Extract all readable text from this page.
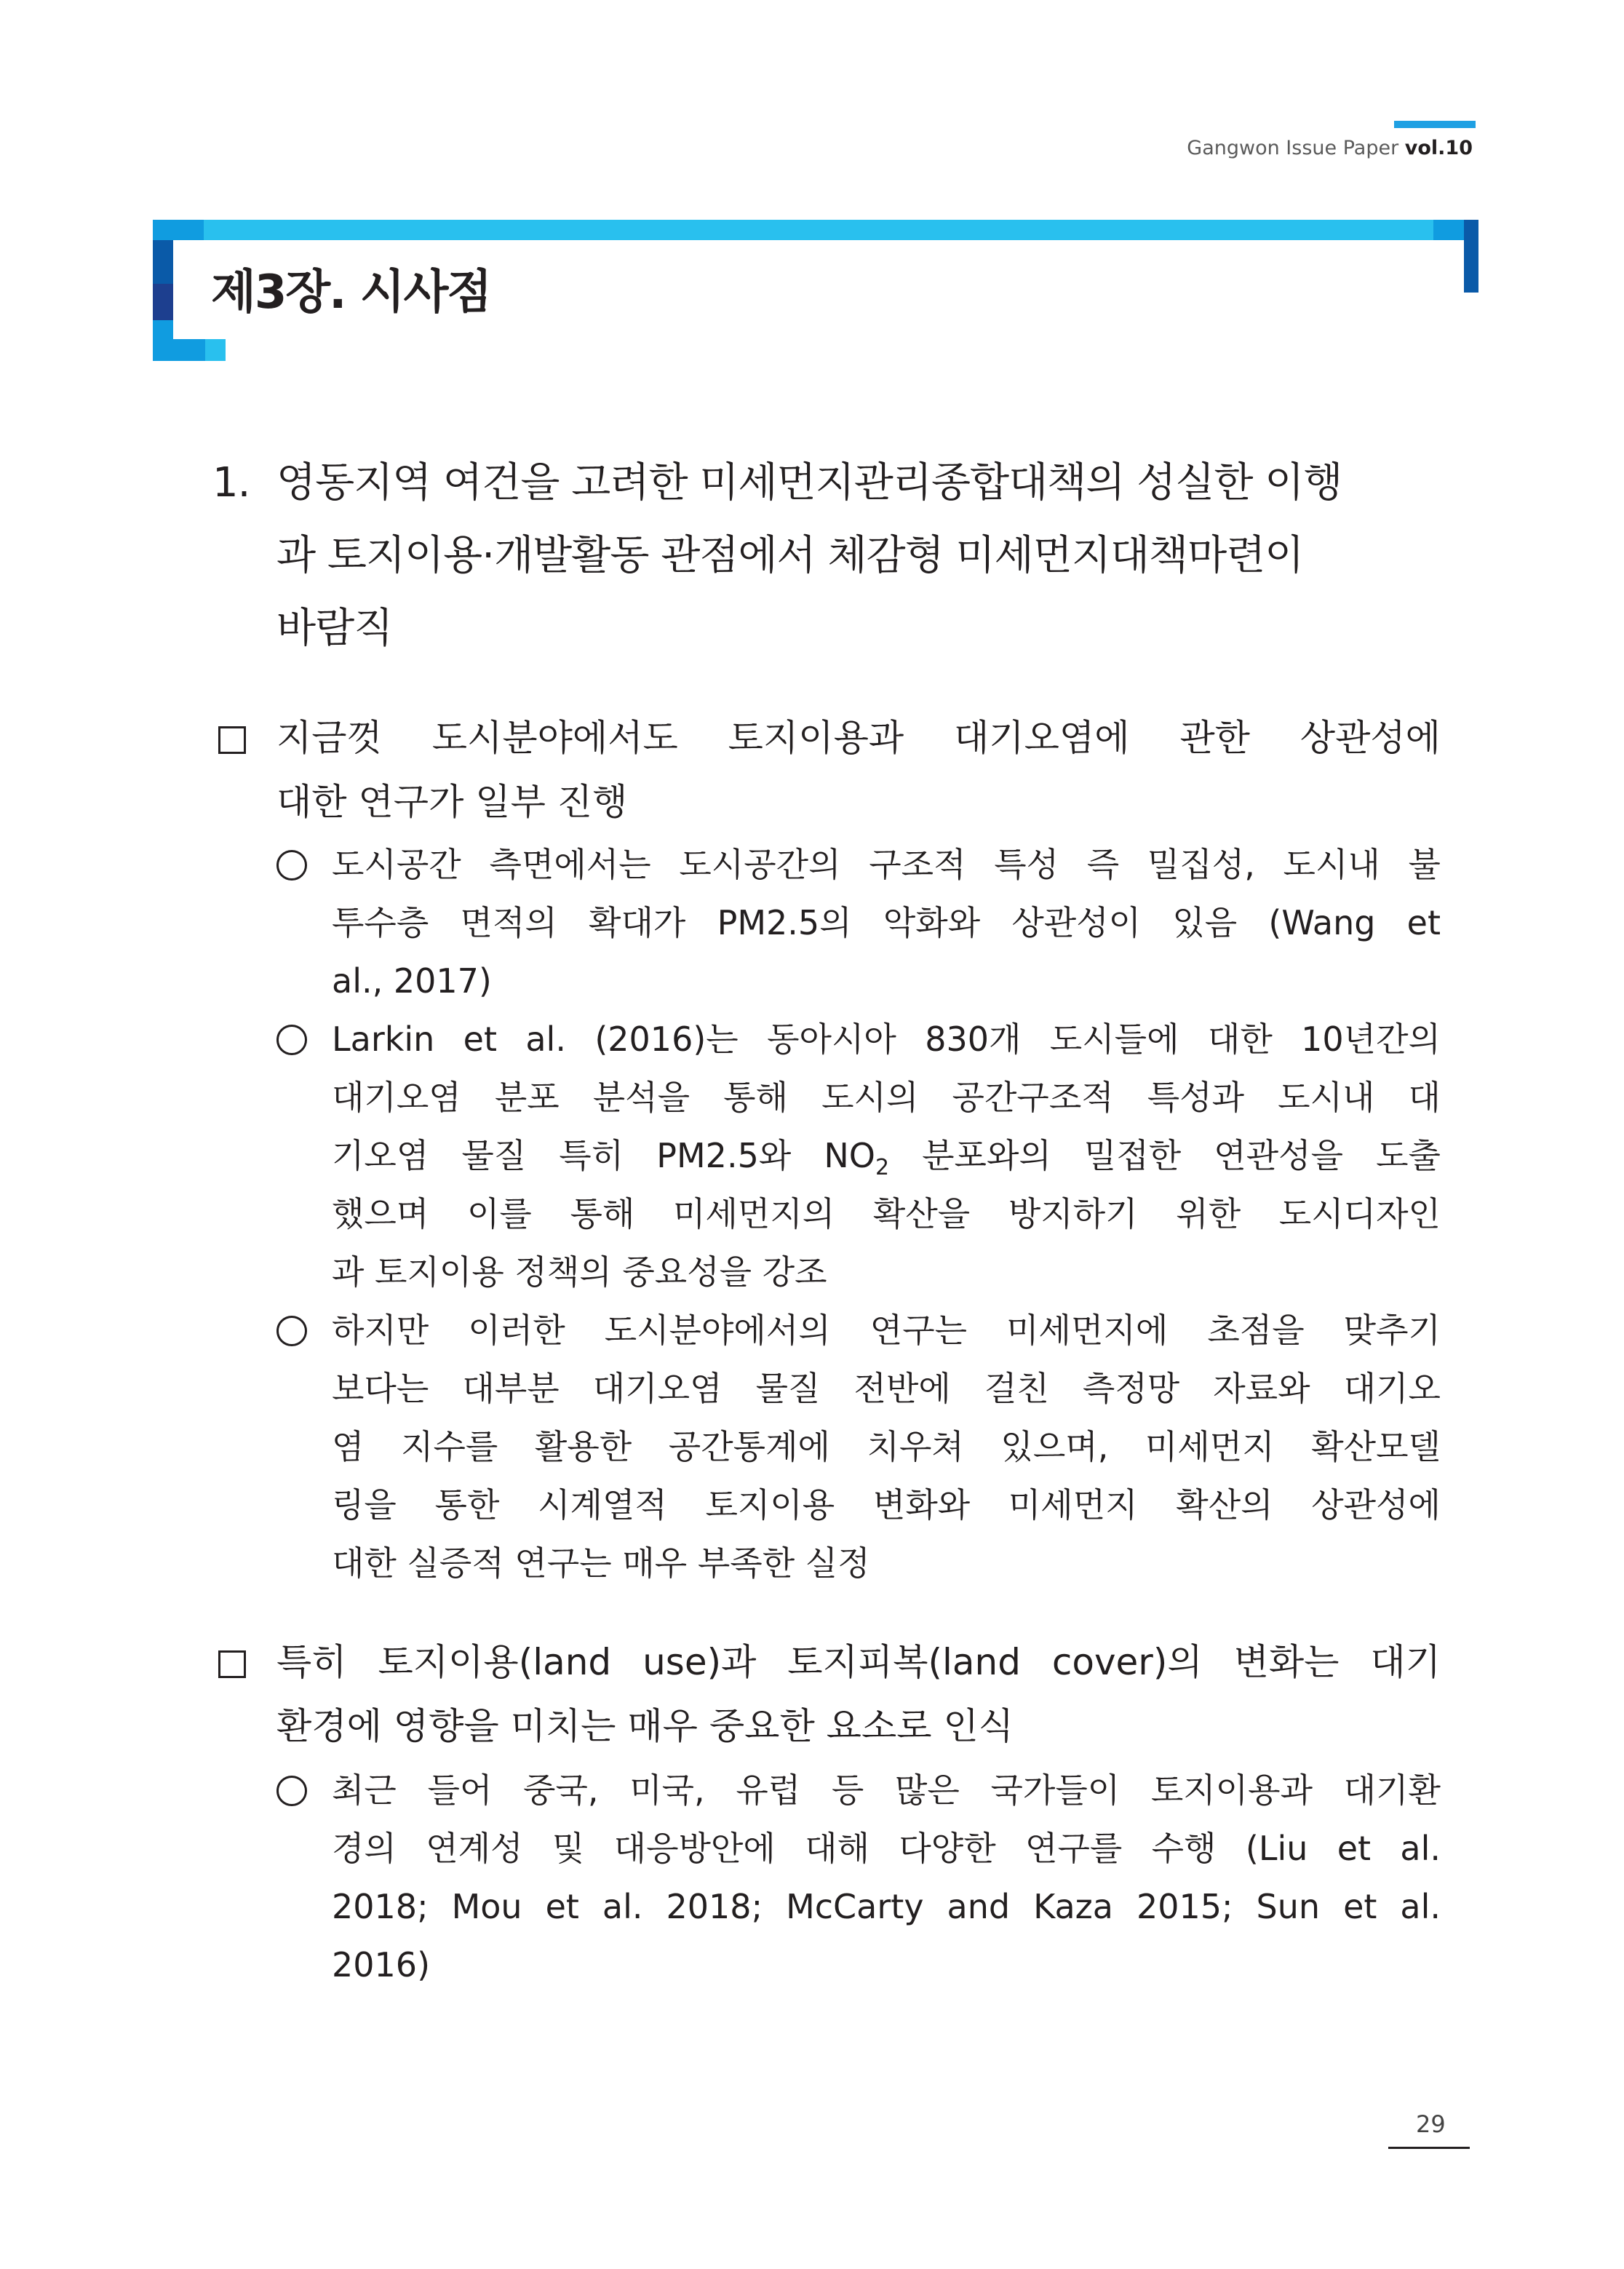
Gangwon Issue Paper vol.10
제3장. 시사점
1. 영동지역 여건을 고려한 미세먼지관리종합대책의 성실한 이행
과 토지이용·개발활동 관점에서 체감형 미세먼지대책마련이
바람직
지금껏 도시분야에서도 토지이용과 대기오염에 관한 상관성에
대한 연구가 일부 진행
도시공간 측면에서는 도시공간의 구조적 특성 즉 밀집성, 도시내 불
투수층 면적의 확대가 PM2.5의 악화와 상관성이 있음 (Wang et
al., 2017)
Larkin et al. (2016)는 동아시아 830개 도시들에 대한 10년간의
대기오염 분포 분석을 통해 도시의 공간구조적 특성과 도시내 대
기오염 물질 특히 PM2.5와 $NO_2$ 분포와의 밀접한 연관성을 도출
했으며 이를 통해 미세먼지의 확산을 방지하기 위한 도시디자인
과 토지이용 정책의 중요성을 강조
하지만 이러한 도시분야에서의 연구는 미세먼지에 초점을 맞추기
보다는 대부분 대기오염 물질 전반에 걸친 측정망 자료와 대기오
염 지수를 활용한 공간통계에 치우쳐 있으며, 미세먼지 확산모델
링을 통한 시계열적 토지이용 변화와 미세먼지 확산의 상관성에
대한 실증적 연구는 매우 부족한 실정
특히 토지이용(land use)과 토지피복(land cover)의 변화는 대기
환경에 영향을 미치는 매우 중요한 요소로 인식
최근 들어 중국, 미국, 유럽 등 많은 국가들이 토지이용과 대기환
경의 연계성 및 대응방안에 대해 다양한 연구를 수행 (Liu et al.
2018; Mou et al. 2018; McCarty and Kaza 2015; Sun et al.
2016)
29
